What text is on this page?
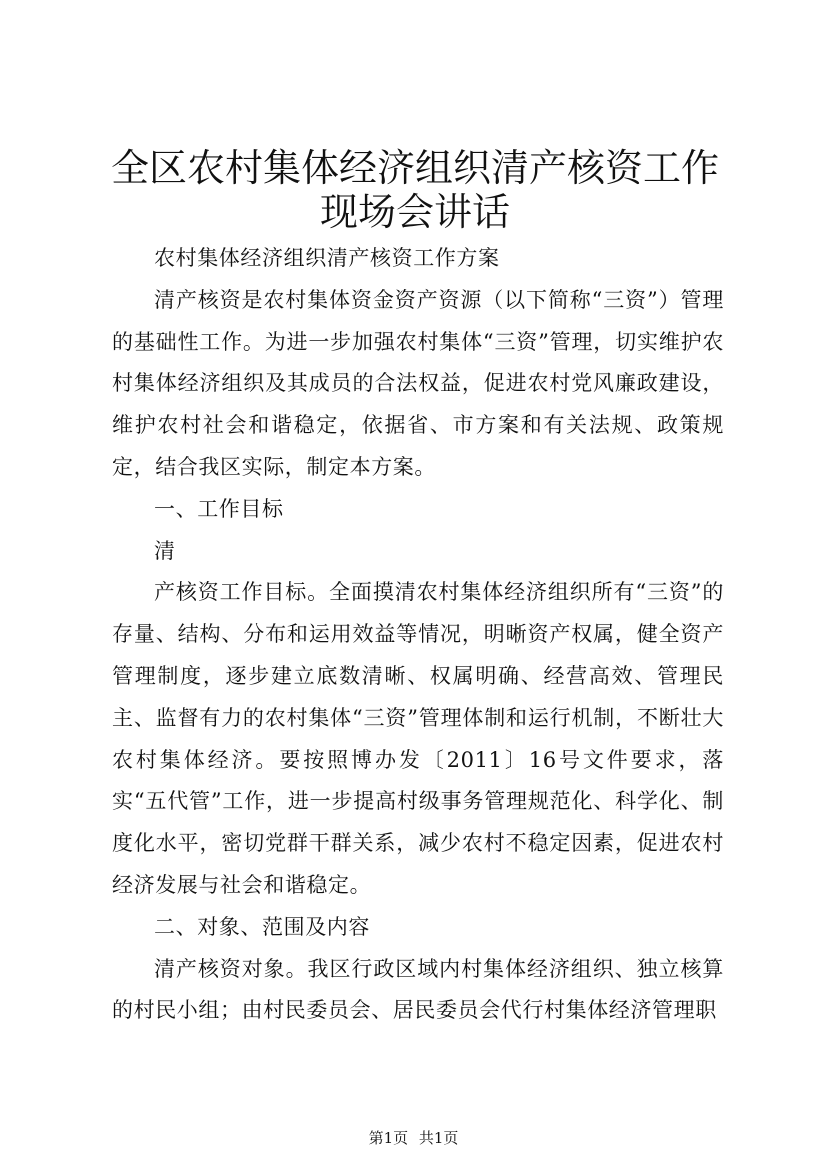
全区农村集体经济组织清产核资工作现场会讲话

农村集体经济组织清产核资工作方案

清产核资是农村集体资金资产资源（以下简称“三资”）管理的基础性工作。为进一步加强农村集体“三资”管理，切实维护农村集体经济组织及其成员的合法权益，促进农村党风廉政建设，维护农村社会和谐稳定，依据省、市方案和有关法规、政策规定，结合我区实际，制定本方案。

一、工作目标

清

产核资工作目标。全面摸清农村集体经济组织所有“三资”的存量、结构、分布和运用效益等情况，明晰资产权属，健全资产管理制度，逐步建立底数清晰、权属明确、经营高效、管理民主、监督有力的农村集体“三资”管理体制和运行机制，不断壮大农村集体经济。要按照博办发〔2011〕16号文件要求，落实“五代管”工作，进一步提高村级事务管理规范化、科学化、制度化水平，密切党群干群关系，减少农村不稳定因素，促进农村经济发展与社会和谐稳定。

二、对象、范围及内容

清产核资对象。我区行政区域内村集体经济组织、独立核算的村民小组；由村民委员会、居民委员会代行村集体经济管理职

第1页 共1页
